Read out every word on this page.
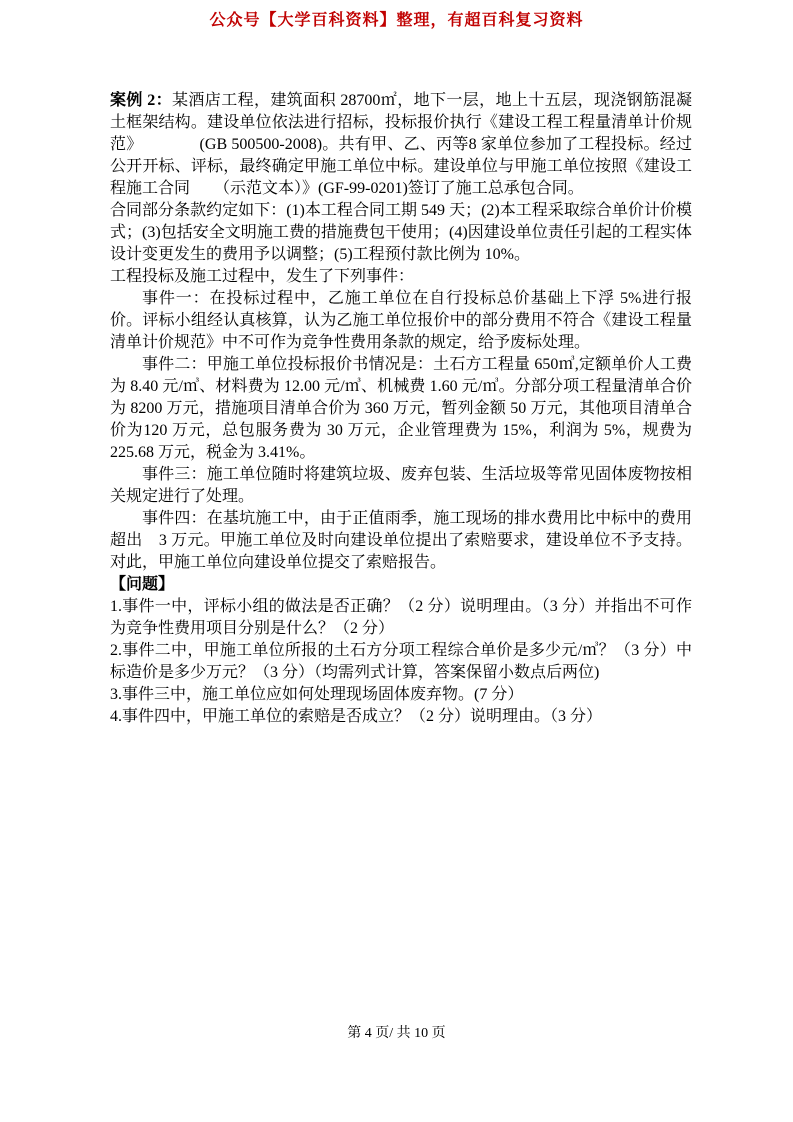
公众号【大学百科资料】整理，有超百科复习资料

案例 2：某酒店工程，建筑面积 28700㎡，地下一层，地上十五层，现浇钢筋混凝土框架结构。建设单位依法进行招标，投标报价执行《建设工程工程量清单计价规范》　　　　(GB 500500-2008)。共有甲、乙、丙等8 家单位参加了工程投标。经过公开开标、评标，最终确定甲施工单位中标。建设单位与甲施工单位按照《建设工程施工合同　　（示范文本）》(GF-99-0201)签订了施工总承包合同。

合同部分条款约定如下：(1)本工程合同工期 549 天；(2)本工程采取综合单价计价模式；(3)包括安全文明施工费的措施费包干使用；(4)因建设单位责任引起的工程实体设计变更发生的费用予以调整；(5)工程预付款比例为 10%。

工程投标及施工过程中，发生了下列事件：

事件一：在投标过程中，乙施工单位在自行投标总价基础上下浮 5%进行报价。评标小组经认真核算，认为乙施工单位报价中的部分费用不符合《建设工程量清单计价规范》中不可作为竞争性费用条款的规定，给予废标处理。

事件二：甲施工单位投标报价书情况是：土石方工程量 650㎥,定额单价人工费为 8.40 元/㎥、材料费为 12.00 元/㎥、机械费 1.60 元/㎥。分部分项工程量清单合价为 8200 万元，措施项目清单合价为 360 万元，暂列金额 50 万元，其他项目清单合价为120 万元，总包服务费为 30 万元，企业管理费为 15%，利润为 5%，规费为 225.68 万元，税金为 3.41%。

事件三：施工单位随时将建筑垃圾、废弃包装、生活垃圾等常见固体废物按相关规定进行了处理。

事件四：在基坑施工中，由于正值雨季，施工现场的排水费用比中标中的费用超出　3 万元。甲施工单位及时向建设单位提出了索赔要求，建设单位不予支持。对此，甲施工单位向建设单位提交了索赔报告。

【问题】

1.事件一中，评标小组的做法是否正确？（2 分）说明理由。（3 分）并指出不可作为竞争性费用项目分别是什么？（2 分）

2.事件二中，甲施工单位所报的土石方分项工程综合单价是多少元/㎥？（3 分）中标造价是多少万元？（3 分）（均需列式计算，答案保留小数点后两位)

3.事件三中，施工单位应如何处理现场固体废弃物。(7 分）

4.事件四中，甲施工单位的索赔是否成立？（2 分）说明理由。（3 分）

第 4 页/ 共 10 页
